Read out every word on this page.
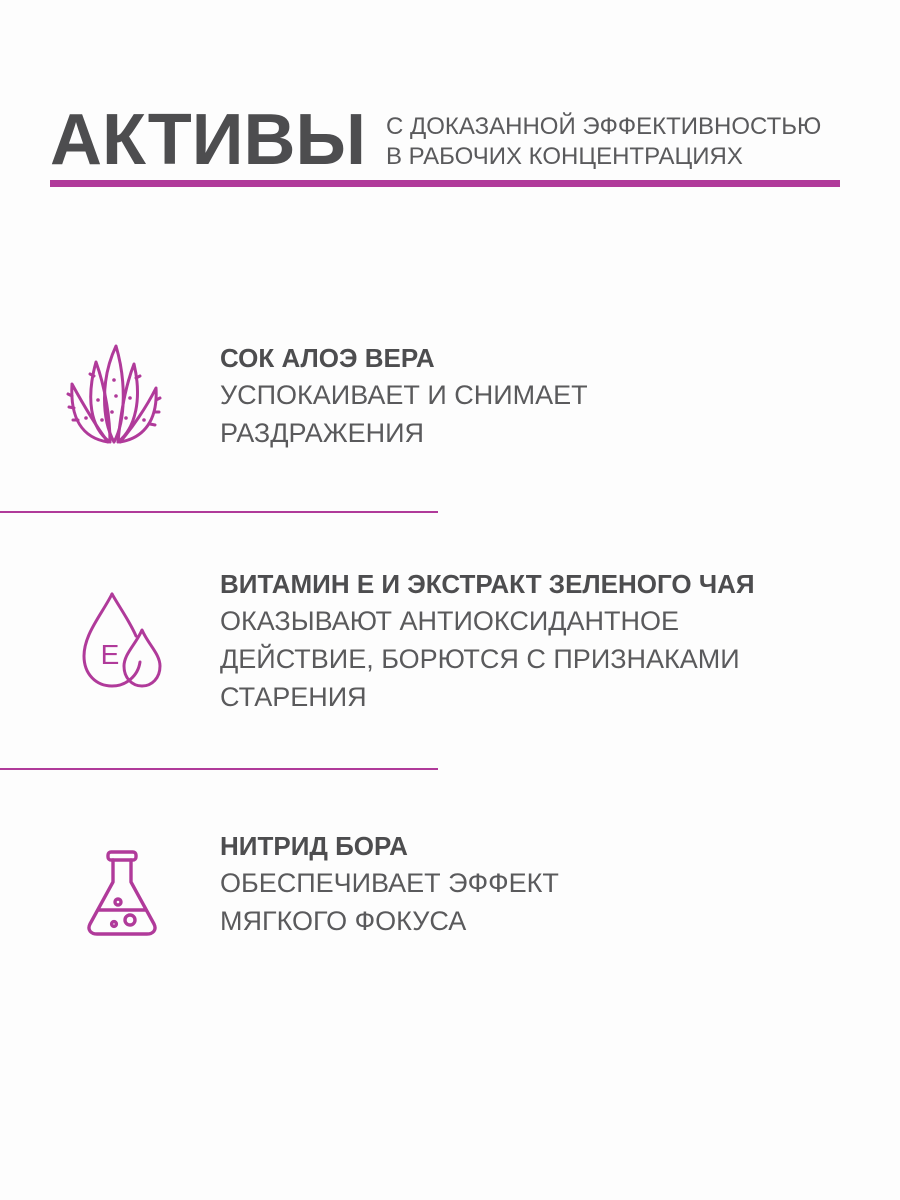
АКТИВЫ С ДОКАЗАННОЙ ЭФФЕКТИВНОСТЬЮ
В РАБОЧИХ КОНЦЕНТРАЦИЯХ
СОК АЛОЭ ВЕРА

УСПОКАИВАЕТ И СНИМАЕТ

РАЗДРАЖЕНИЯ

E
ВИТАМИН Е И ЭКСТРАКТ ЗЕЛЕНОГО ЧАЯ

ОКАЗЫВАЮТ АНТИОКСИДАНТНОЕ

ДЕЙСТВИЕ, БОРЮТСЯ С ПРИЗНАКАМИ

СТАРЕНИЯ

НИТРИД БОРА

ОБЕСПЕЧИВАЕТ ЭФФЕКТ

МЯГКОГО ФОКУСА
